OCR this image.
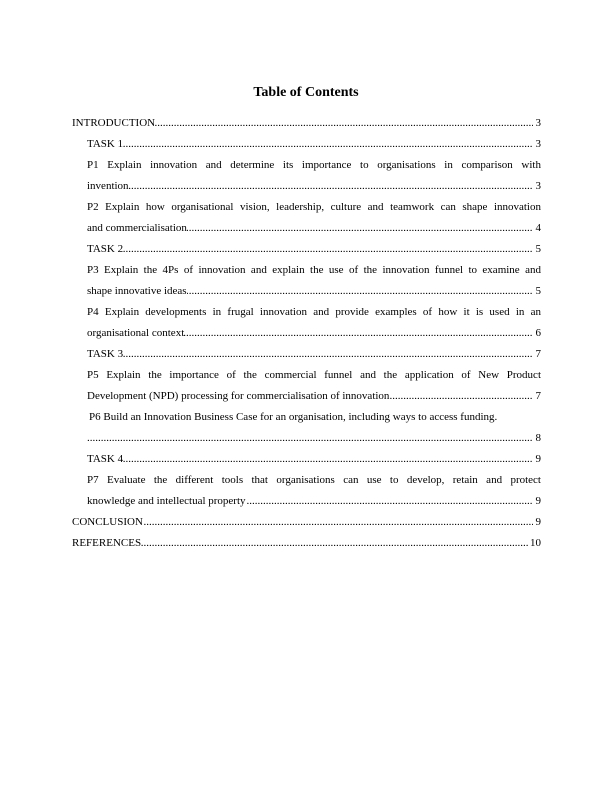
Table of Contents
..... INTRODUCTION	3
..... TASK 1	3
P1 Explain innovation and determine its importance to organisations in comparison with
..... invention	3
P2 Explain how organisational vision, leadership, culture and teamwork can shape innovation
..... and commercialisation	4
..... TASK 2	5
P3 Explain the 4Ps of innovation and explain the use of the innovation funnel to examine and
..... shape innovative ideas	5
P4 Explain developments in frugal innovation and provide examples of how it is used in an
..... organisational context	6
..... TASK 3	7
P5 Explain the importance of the commercial funnel and the application of New Product
..... Development (NPD) processing for commercialisation of innovation	7
P6 Build an Innovation Business Case for an organisation, including ways to access funding.
..... 8
..... TASK 4	9
P7 Evaluate the different tools that organisations can use to develop, retain and protect
..... knowledge and intellectual property	9
..... CONCLUSION	9
..... REFERENCES	10
